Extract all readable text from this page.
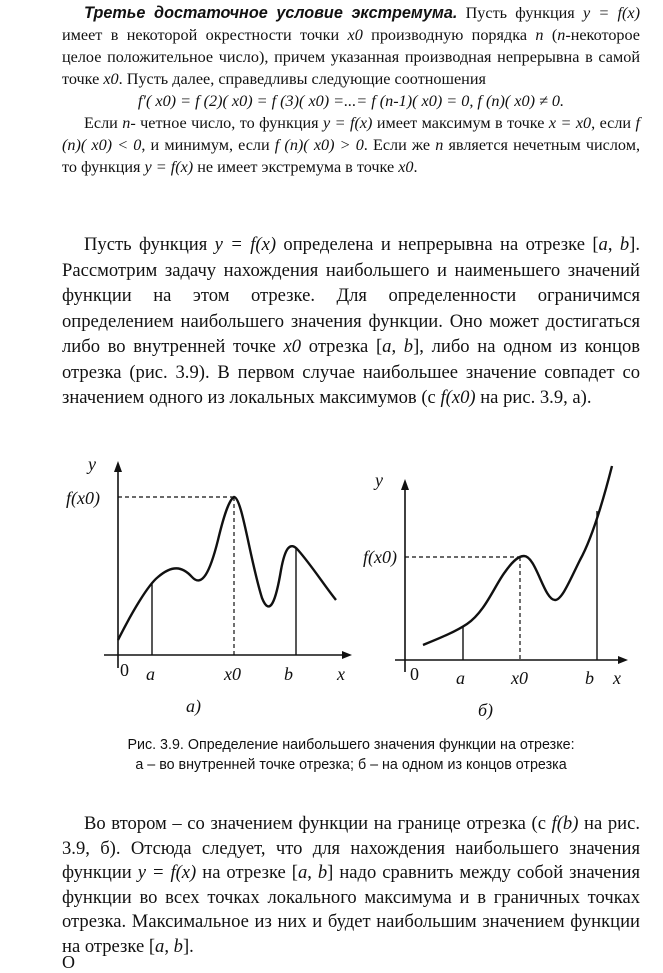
Третье достаточное условие экстремума. Пусть функция y = f(x) имеет в некоторой окрестности точки x0 производную порядка n (n-некоторое целое положительное число), причем указанная производная непрерывна в самой точке x0. Пусть далее, справедливы следующие соотношения

f′( x0) = f (2)( x0) = f (3)( x0) =...= f (n-1)( x0) = 0, f (n)( x0) ≠ 0.

Если n- четное число, то функция y = f(x) имеет максимум в точке x = x0, если f (n)( x0) < 0, и минимум, если f (n)( x0) > 0. Если же n является нечетным числом, то функция y = f(x) не имеет экстремума в точке x0.

Пусть функция y = f(x) определена и непрерывна на отрезке [a, b]. Рассмотрим задачу нахождения наибольшего и наименьшего значений функции на этом отрезке. Для определенности ограничимся определением наибольшего значения функции. Оно может достигаться либо во внутренней точке x0 отрезка [a, b], либо на одном из концов отрезка (рис. 3.9). В первом случае наибольшее значение совпадет со значением одного из локальных максимумов (с f(x0) на рис. 3.9, а).

y
x
0 a	x0 b
f(x0)
а)
y
x
0 a	x0	b
f(x0)
б)
Рис. 3.9. Определение наибольшего значения функции на отрезке:
а – во внутренней точке отрезка; б – на одном из концов отрезка

Во втором – со значением функции на границе отрезка (с f(b) на рис. 3.9, б). Отсюда следует, что для нахождения наибольшего значения функции y = f(x) на отрезке [a, b] надо сравнить между собой значения функции во всех точках локального максимума и в граничных точках отрезка. Максимальное из них и будет наибольшим значением функции на отрезке [a, b].

О
